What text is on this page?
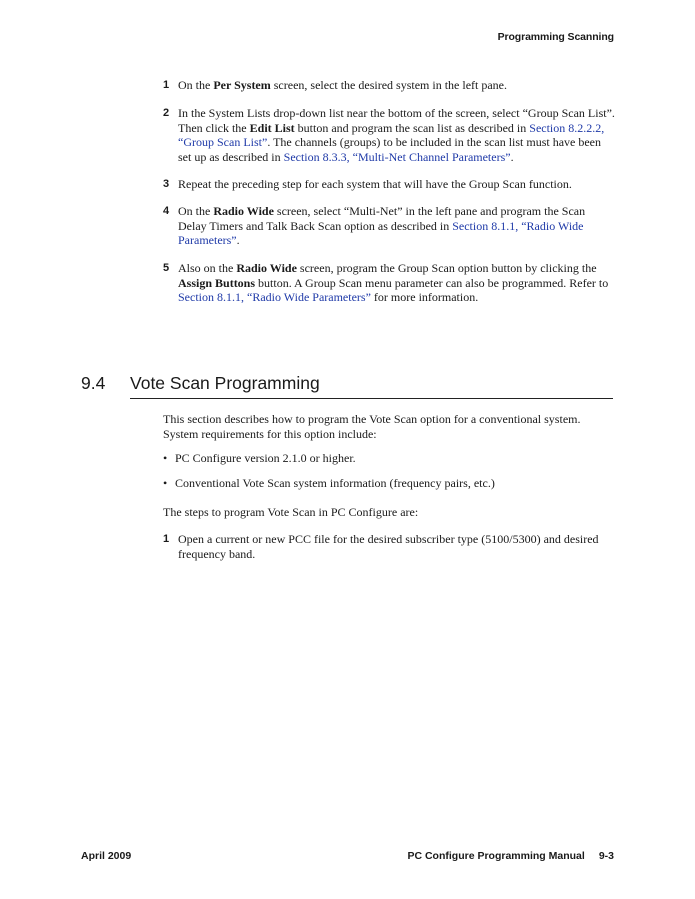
Programming Scanning
1 On the Per System screen, select the desired system in the left pane.
2 In the System Lists drop-down list near the bottom of the screen, select “Group Scan List”. Then click the Edit List button and program the scan list as described in Section 8.2.2.2, “Group Scan List”. The channels (groups) to be included in the scan list must have been set up as described in Section 8.3.3, “Multi-Net Channel Parameters”.
3 Repeat the preceding step for each system that will have the Group Scan function.
4 On the Radio Wide screen, select “Multi-Net” in the left pane and program the Scan Delay Timers and Talk Back Scan option as described in Section 8.1.1, “Radio Wide Parameters”.
5 Also on the Radio Wide screen, program the Group Scan option button by clicking the Assign Buttons button. A Group Scan menu parameter can also be programmed. Refer to Section 8.1.1, “Radio Wide Parameters” for more information.
9.4 Vote Scan Programming
This section describes how to program the Vote Scan option for a conventional system. System requirements for this option include:
• PC Configure version 2.1.0 or higher.
• Conventional Vote Scan system information (frequency pairs, etc.)
The steps to program Vote Scan in PC Configure are:
1 Open a current or new PCC file for the desired subscriber type (5100/5300) and desired frequency band.
April 2009	PC Configure Programming Manual 9-3
